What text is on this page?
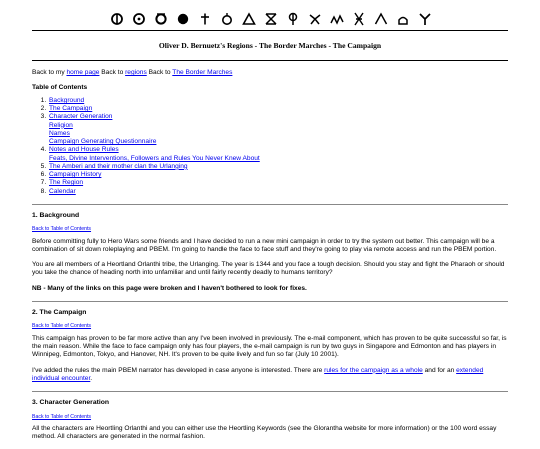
Oliver D. Bernuetz's Regions - The Border Marches - The Campaign
Back to my home page Back to regions Back to The Border Marches
Table of Contents
1. Background
2. The Campaign
3. Character Generation
Religion
Names
Campaign Generating Questionnaire
4. Notes and House Rules
Feats, Divine Interventions, Followers and Rules You Never Knew About
5. The Amberi and their mother clan the Urlanging
6. Campaign History
7. The Region
8. Calendar
1. Background
Back to Table of Contents

Before committing fully to Hero Wars some friends and I have decided to run a new mini campaign in order to try the system out better. This campaign will be a combination of sit down roleplaying and PBEM. I'm going to handle the face to face stuff and they're going to play via remote access and run the PBEM portion.

You are all members of a Heortland Orlanthi tribe, the Urlanging. The year is 1344 and you face a tough decision. Should you stay and fight the Pharaoh or should you take the chance of heading north into unfamiliar and until fairly recently deadly to humans territory?

NB - Many of the links on this page were broken and I haven't bothered to look for fixes.

2. The Campaign
Back to Table of Contents

This campaign has proven to be far more active than any I've been involved in previously. The e-mail component, which has proven to be quite successful so far, is the main reason. While the face to face campaign only has four players, the e-mail campaign is run by two guys in Singapore and Edmonton and has players in Winnipeg, Edmonton, Tokyo, and Hanover, NH. It's proven to be quite lively and fun so far (July 10 2001).

I've added the rules the main PBEM narrator has developed in case anyone is interested. There are rules for the campaign as a whole and for an extended individual encounter.

3. Character Generation
Back to Table of Contents

All the characters are Heortling Orlanthi and you can either use the Heortling Keywords (see the Glorantha website for more information) or the 100 word essay method. All characters are generated in the normal fashion.
